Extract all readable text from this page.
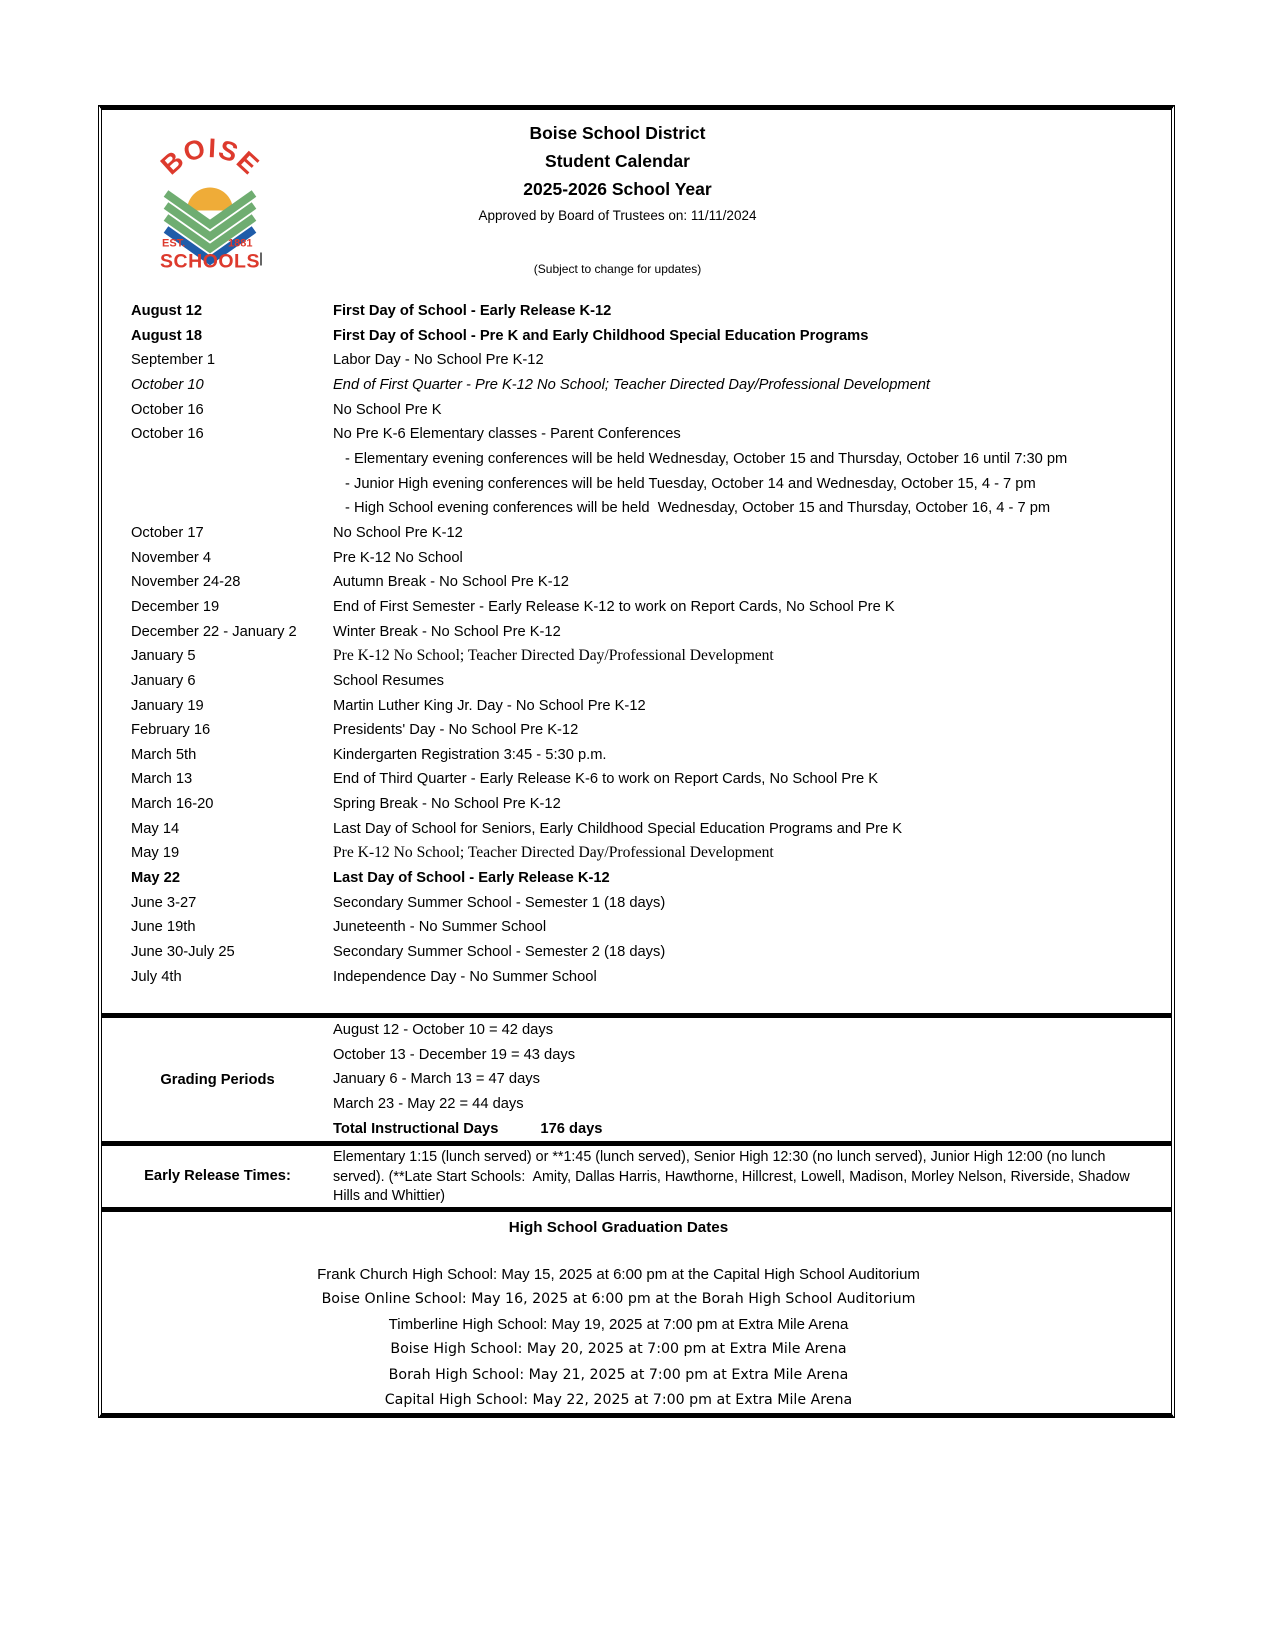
BOISE
EST.	1881
SCHOOLS
Boise School District
Student Calendar
2025-2026 School Year
Approved by Board of Trustees on: 11/11/2024
(Subject to change for updates)
August 12	First Day of School - Early Release K-12
August 18	First Day of School - Pre K and Early Childhood Special Education Programs
September 1	Labor Day - No School Pre K-12
October 10	End of First Quarter - Pre K-12 No School; Teacher Directed Day/Professional Development
October 16	No School Pre K
October 16	No Pre K-6 Elementary classes - Parent Conferences
- Elementary evening conferences will be held Wednesday, October 15 and Thursday, October 16 until 7:30 pm
- Junior High evening conferences will be held Tuesday, October 14 and Wednesday, October 15, 4 - 7 pm
- High School evening conferences will be held  Wednesday, October 15 and Thursday, October 16, 4 - 7 pm
October 17	No School Pre K-12
November 4	Pre K-12 No School
November 24-28	Autumn Break - No School Pre K-12
December 19	End of First Semester - Early Release K-12 to work on Report Cards, No School Pre K
December 22 - January 2	Winter Break - No School Pre K-12
January 5	Pre K-12 No School; Teacher Directed Day/Professional Development
January 6	School Resumes
January 19	Martin Luther King Jr. Day - No School Pre K-12
February 16	Presidents' Day - No School Pre K-12
March 5th	Kindergarten Registration 3:45 - 5:30 p.m.
March 13	End of Third Quarter - Early Release K-6 to work on Report Cards, No School Pre K
March 16-20	Spring Break - No School Pre K-12
May 14	Last Day of School for Seniors, Early Childhood Special Education Programs and Pre K
May 19	Pre K-12 No School; Teacher Directed Day/Professional Development
May 22	Last Day of School - Early Release K-12
June 3-27	Secondary Summer School - Semester 1 (18 days)
June 19th	Juneteenth - No Summer School
June 30-July 25	Secondary Summer School - Semester 2 (18 days)
July 4th	Independence Day - No Summer School
Grading Periods
August 12 - October 10 = 42 days
October 13 - December 19 = 43 days
January 6 - March 13 = 47 days
March 23 - May 22 = 44 days
Total Instructional Days	176 days
Early Release Times:
Elementary 1:15 (lunch served) or **1:45 (lunch served), Senior High 12:30 (no lunch served), Junior High 12:00 (no lunch served). (**Late Start Schools:  Amity, Dallas Harris, Hawthorne, Hillcrest, Lowell, Madison, Morley Nelson, Riverside, Shadow Hills and Whittier)
High School Graduation Dates
Frank Church High School: May 15, 2025 at 6:00 pm at the Capital High School Auditorium
Boise Online School: May 16, 2025 at 6:00 pm at the Borah High School Auditorium
Timberline High School: May 19, 2025 at 7:00 pm at Extra Mile Arena
Boise High School: May 20, 2025 at 7:00 pm at Extra Mile Arena
Borah High School: May 21, 2025 at 7:00 pm at Extra Mile Arena
Capital High School: May 22, 2025 at 7:00 pm at Extra Mile Arena
